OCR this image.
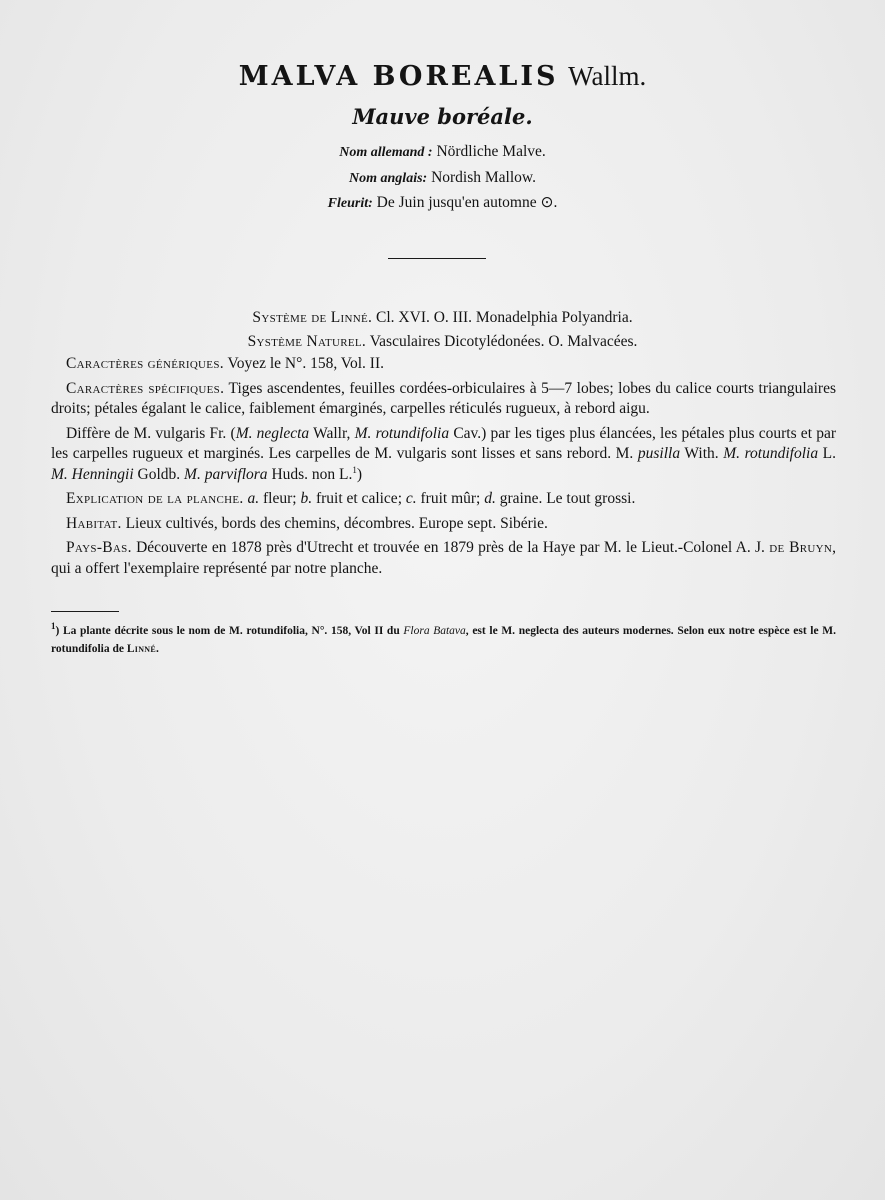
MALVA BOREALIS Wallm.
Mauve boréale.
Nom allemand : Nördliche Malve.
Nom anglais: Nordish Mallow.
Fleurit: De Juin jusqu'en automne ⊙.
Système de Linné. Cl. XVI. O. III. Monadelphia Polyandria.
Système Naturel. Vasculaires Dicotylédonées. O. Malvacées.

Caractères génériques. Voyez le N°. 158, Vol. II.

Caractères spécifiques. Tiges ascendentes, feuilles cordées-orbiculaires à 5—7 lobes; lobes du calice courts triangulaires droits; pétales égalant le calice, faiblement émarginés, carpelles réticulés rugueux, à rebord aigu.

Diffère de M. vulgaris Fr. (M. neglecta Wallr, M. rotundifolia Cav.) par les tiges plus élancées, les pétales plus courts et par les carpelles rugueux et marginés. Les carpelles de M. vulgaris sont lisses et sans rebord. M. pusilla With. M. rotundifolia L. M. Henningii Goldb. M. parviflora Huds. non L.$^1$)

Explication de la planche. a. fleur; b. fruit et calice; c. fruit mûr; d. graine. Le tout grossi.

Habitat. Lieux cultivés, bords des chemins, décombres. Europe sept. Sibérie.

Pays-Bas. Découverte en 1878 près d'Utrecht et trouvée en 1879 près de la Haye par M. le Lieut.-Colonel A. J. de Bruyn, qui a offert l'exemplaire représenté par notre planche.

$^1$) La plante décrite sous le nom de M. rotundifolia, N°. 158, Vol II du Flora Batava, est le M. neglecta des auteurs modernes. Selon eux notre espèce est le M. rotundifolia de Linné.
